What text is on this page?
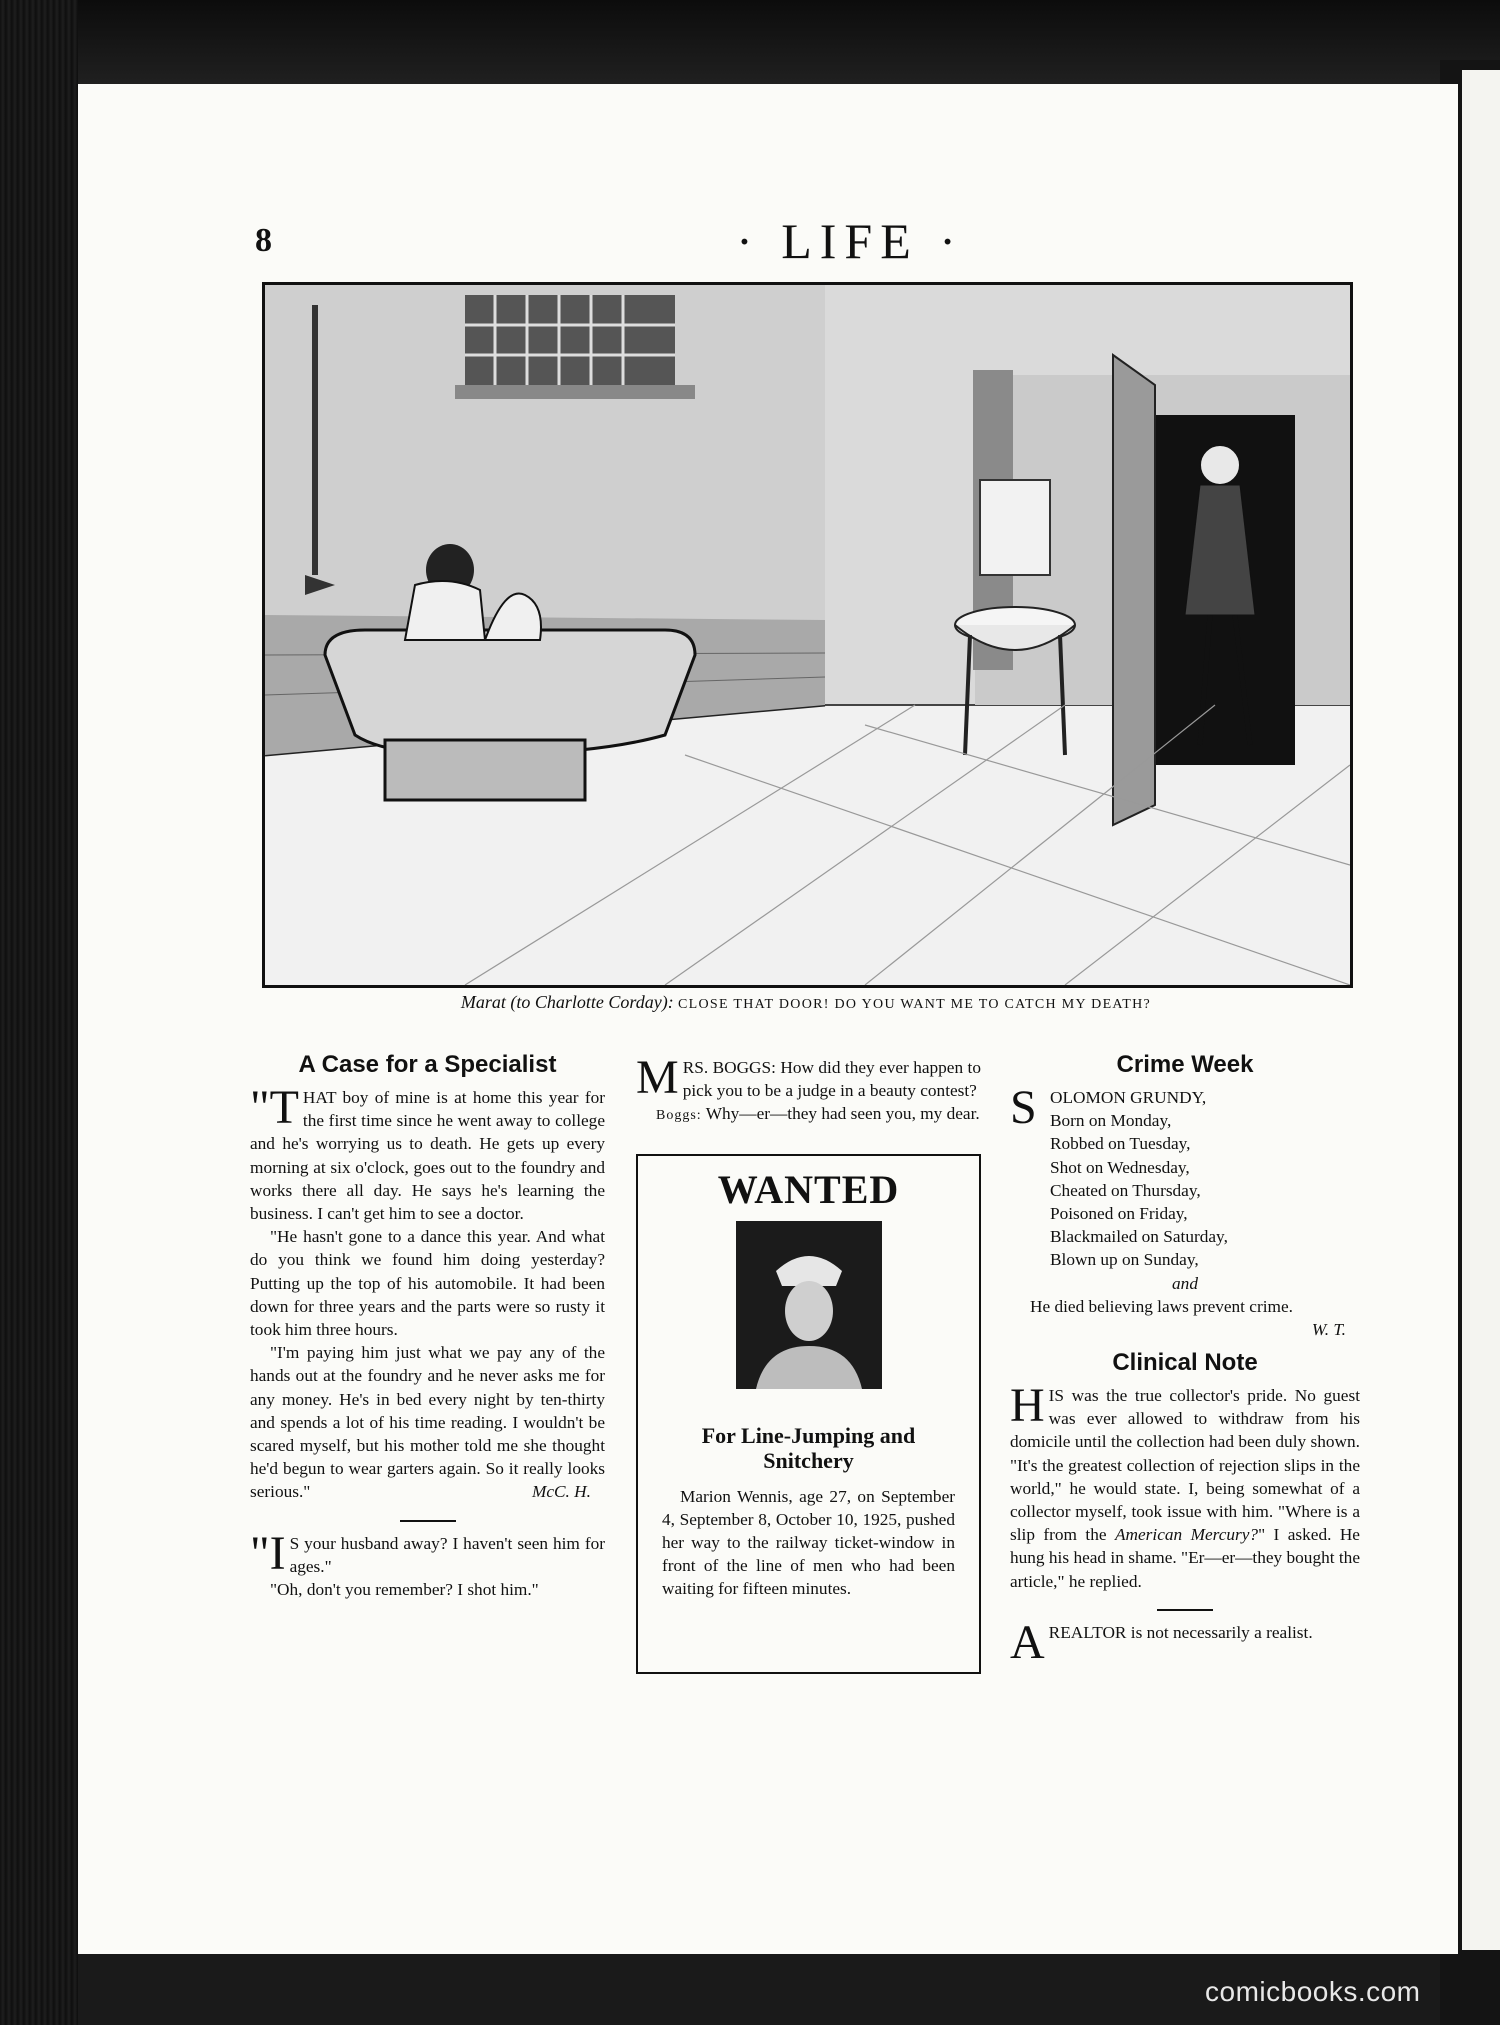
8	· LIFE ·
Marat (to Charlotte Corday): CLOSE THAT DOOR! DO YOU WANT ME TO CATCH MY DEATH?
A Case for a Specialist

"THAT boy of mine is at home this year for the first time since he went away to college and he's worrying us to death. He gets up every morning at six o'clock, goes out to the foundry and works there all day. He says he's learning the business. I can't get him to see a doctor.

"He hasn't gone to a dance this year. And what do you think we found him doing yesterday? Putting up the top of his automobile. It had been down for three years and the parts were so rusty it took him three hours.

"I'm paying him just what we pay any of the hands out at the foundry and he never asks me for any money. He's in bed every night by ten-thirty and spends a lot of his time reading. I wouldn't be scared myself, but his mother told me she thought he'd begun to wear garters again. So it really looks serious."	McC. H.

"I S your husband away? I haven't seen him for ages."

"Oh, don't you remember? I shot him."

MRS. BOGGS: How did they ever happen to pick you to be a judge in a beauty contest?

Boggs: Why—er—they had seen you, my dear.

WANTED
For Line-Jumping and Snitchery
Marion Wennis, age 27, on September 4, September 8, October 10, 1925, pushed her way to the railway ticket-window in front of the line of men who had been waiting for fifteen minutes.
Crime Week
S OLOMON GRUNDY,
Born on Monday,
Robbed on Tuesday,
Shot on Wednesday,
Cheated on Thursday,
Poisoned on Friday,
Blackmailed on Saturday,
Blown up on Sunday,
and

He died believing laws prevent crime.
W. T.

Clinical Note

HIS was the true collector's pride. No guest was ever allowed to withdraw from his domicile until the collection had been duly shown. "It's the greatest collection of rejection slips in the world," he would state. I, being somewhat of a collector myself, took issue with him. "Where is a slip from the American Mercury?" I asked. He hung his head in shame. "Er—er—they bought the article," he replied.

AREALTOR is not necessarily a realist.

comicbooks.com
